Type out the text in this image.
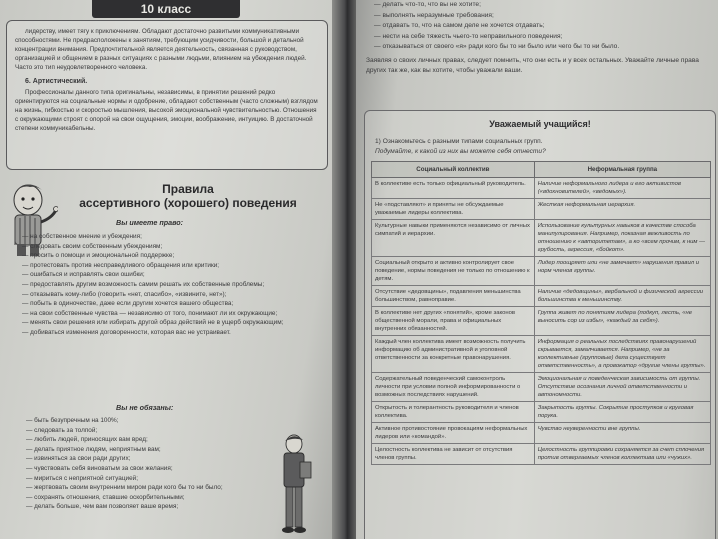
10 класс

лидерству, имеет тягу к приключениям. Обладают достаточно развитыми коммуникативными способностями. Не предрасположены к занятиям, требующим усидчивости, большой и детальной концентрации внимания. Предпочтительной является деятельность, связанная с руководством, организацией и общением в разных ситуациях с разными людьми, влиянием на убеждения людей. Часто это тип неудовлетворенного человека.

6. Артистический.

Профессионалы данного типа оригинальны, независимы, в принятии решений редко ориентируются на социальные нормы и одобрение, обладают собственным (часто сложным) взглядом на жизнь, гибкостью и скоростью мышления, высокой эмоциональной чувствительностью. Отношения с окружающими строят с опорой на свои ощущения, эмоции, воображение, интуицию. В достаточной степени коммуникабельны.

Правила
ассертивного (хорошего) поведения
Вы имеете право:
— на собственное мнение и убеждения;
— следовать своим собственным убеждениям;
— просить о помощи и эмоциональной поддержке;
— протестовать против несправедливого обращения или критики;
— ошибаться и исправлять свои ошибки;
— предоставлять другим возможность самим решать их собственные проблемы;
— отказывать кому-либо (говорить «нет, спасибо», «извините, нет»);
— побыть в одиночестве, даже если другим хочется вашего общества;
— на свои собственные чувства — независимо от того, понимают ли их окружающие;
— менять свои решения или избирать другой образ действий не в ущерб окружающим;
— добиваться изменения договоренности, которая вас не устраивает.
Вы не обязаны:
— быть безупречным на 100%;
— следовать за толпой;
— любить людей, приносящих вам вред;
— делать приятное людям, неприятным вам;
— извиняться за свои ради других;
— чувствовать себя виноватым за свои желания;
— мириться с неприятной ситуацией;
— жертвовать своим внутренним миром ради кого бы то ни было;
— сохранять отношения, ставшие оскорбительными;
— делать больше, чем вам позволяет ваше время;
— делать что-то, что вы не хотите;
— выполнять неразумные требования;
— отдавать то, что на самом деле не хочется отдавать;
— нести на себе тяжесть чьего-то неправильного поведения;
— отказываться от своего «я» ради кого бы то ни было или чего бы то ни было.

Заявляя о своих личных правах, следует помнить, что они есть и у всех остальных. Уважайте личные права других так же, как вы хотите, чтобы уважали ваши.

Уважаемый учащийся!
1) Ознакомьтесь с разными типами социальных групп.
Подумайте, к какой из них вы можете себя отнести?
Социальный коллектив	Неформальная группа
В коллективе есть только официальный руководитель.	Наличие неформального лидера и его активистов («вдохновителей», «ведомых»).
Не «подставляют» и приняты не обсуждаемые уважаемые лидеры коллектива.	Жесткая неформальная иерархия.
Культурные навыки применяются независимо от личных симпатий и иерархии.	Использование культурных навыков в качестве способа манипулирования. Например, показная вежливость по отношению к «авторитетам», а ко «всем прочим, к ним — грубость, агрессия, «бойкот».
Социальный открыто и активно контролирует свое поведение, нормы поведения не только по отношению к детям.	Лидер поощряет или «не замечает» нарушения правил и норм членов группы.
Отсутствие «дедовщины», подавления меньшинства большинством, равноправие.	Наличие «дедовщины», вербальной и физической агрессии большинства к меньшинству.
В коллективе нет других «понятий», кроме законов общественной морали, права и официальных внутренних обязанностей.	Группа живет по понятиям лидера (подкуп, лесть, «не выносить сор из избы», «каждый за себя»).
Каждый член коллектива имеет возможность получить информацию об административной и уголовной ответственности за конкретные правонарушения.	Информация о реальных последствиях правонарушений скрывается, замалчивается. Например, «не за коллективные (групповые) дела существует ответственность», а провокатор «другие члены группы».
Содержательный поведенческий самоконтроль личности при условии полной информированности о возможных последствиях нарушений.	Эмоциональная и поведенческая зависимость от группы. Отсутствие осознания личной ответственности и автономности.
Открытость и толерантность руководителя и членов коллектива.	Закрытость группы. Сокрытие проступков и круговая порука.
Активное противостояние провокациям неформальных лидеров или «командой».	Чувство неуверенности вне группы.
Целостность коллектива не зависит от отсутствия членов группы.	Целостность группировки сохраняется за счет сплочения против отвергаемых членов коллектива или «чужих».
